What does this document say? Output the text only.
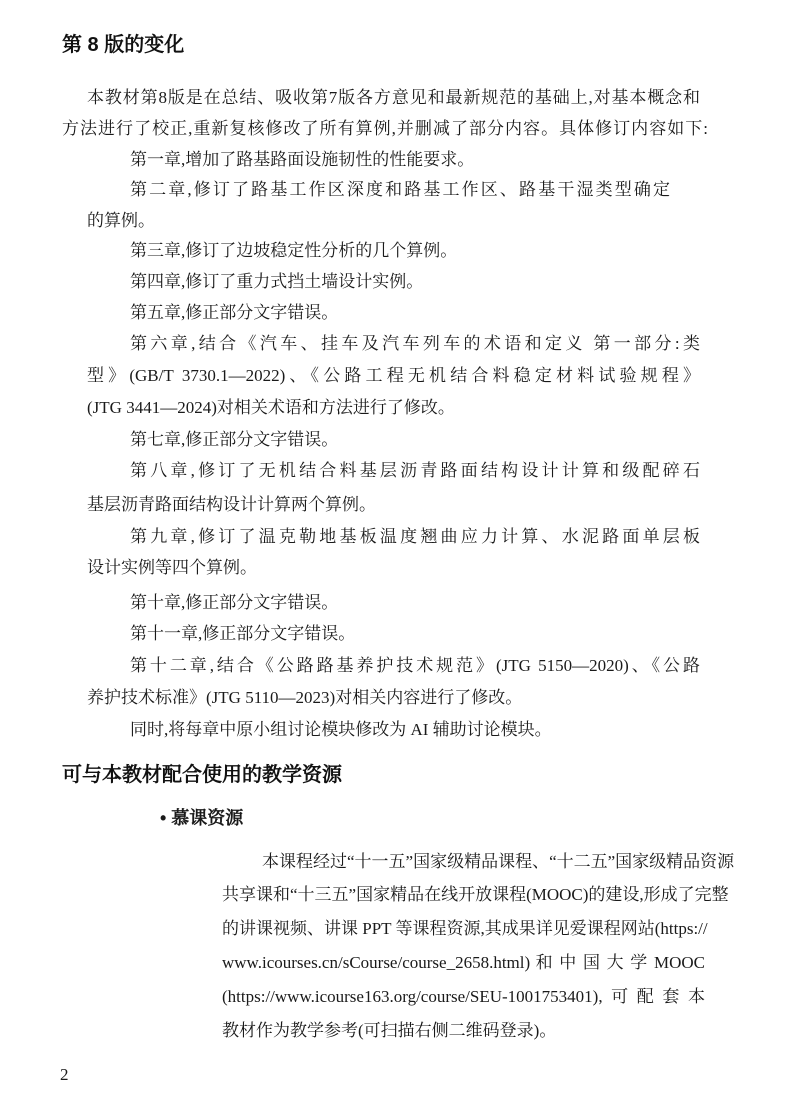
第 8 版的变化
本教材第8版是在总结、吸收第7版各方意见和最新规范的基础上,对基本概念和
方法进行了校正,重新复核修改了所有算例,并删减了部分内容。具体修订内容如下:
第一章,增加了路基路面设施韧性的性能要求。
第二章,修订了路基工作区深度和路基工作区、路基干湿类型确定
的算例。
第三章,修订了边坡稳定性分析的几个算例。
第四章,修订了重力式挡土墙设计实例。
第五章,修正部分文字错误。
第六章,结合《汽车、挂车及汽车列车的术语和定义 第一部分:类
型》(GB/T 3730.1—2022)、《公路工程无机结合料稳定材料试验规程》
(JTG 3441—2024)对相关术语和方法进行了修改。
第七章,修正部分文字错误。
第八章,修订了无机结合料基层沥青路面结构设计计算和级配碎石
基层沥青路面结构设计计算两个算例。
第九章,修订了温克勒地基板温度翘曲应力计算、水泥路面单层板
设计实例等四个算例。
第十章,修正部分文字错误。
第十一章,修正部分文字错误。
第十二章,结合《公路路基养护技术规范》(JTG 5150—2020)、《公路
养护技术标准》(JTG 5110—2023)对相关内容进行了修改。
同时,将每章中原小组讨论模块修改为 AI 辅助讨论模块。
可与本教材配合使用的教学资源
• 慕课资源
本课程经过“十一五”国家级精品课程、“十二五”国家级精品资源
共享课和“十三五”国家精品在线开放课程(MOOC)的建设,形成了完整
的讲课视频、讲课 PPT 等课程资源,其成果详见爱课程网站(https://
www.icourses.cn/sCourse/course_2658.html) 和 中 国 大 学 MOOC
(https://www.icourse163.org/course/SEU-1001753401),可配套本
教材作为教学参考(可扫描右侧二维码登录)。
2
